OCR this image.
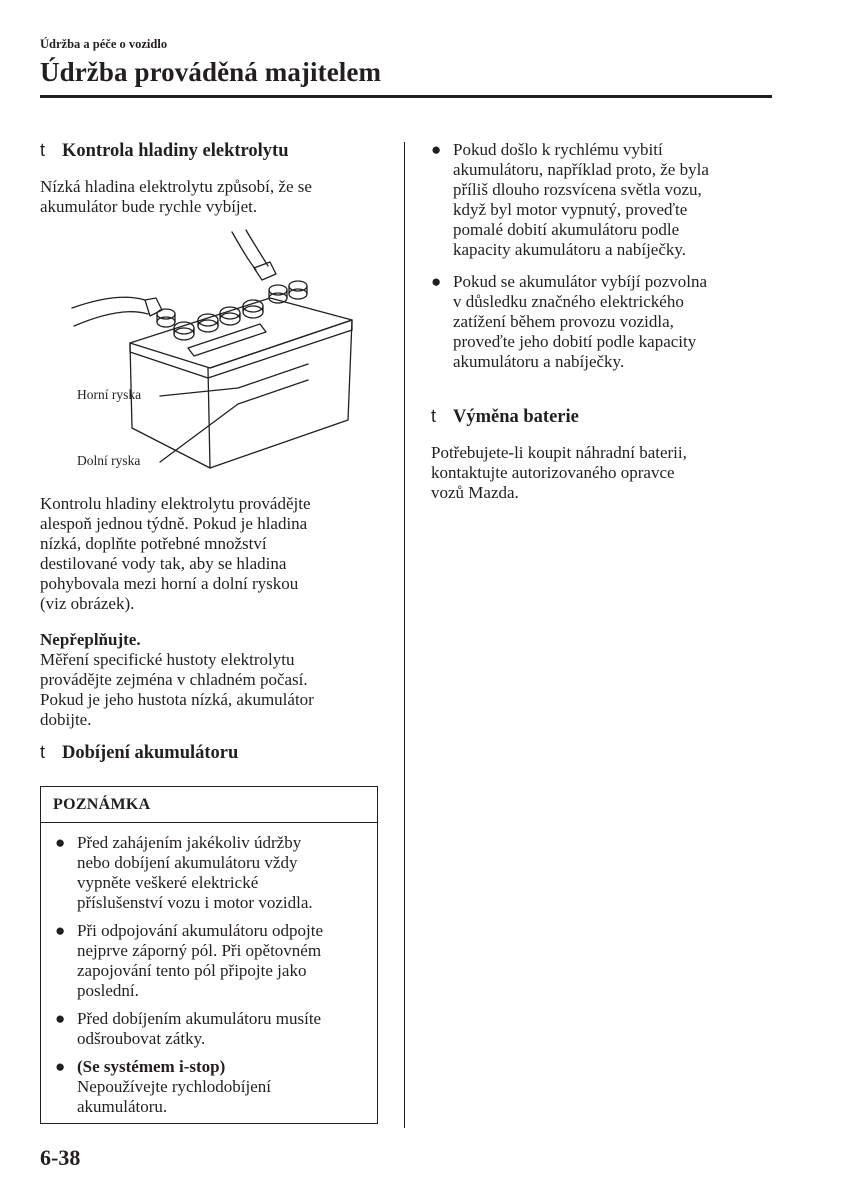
Údržba a péče o vozidlo
Údržba prováděná majitelem
t Kontrola hladiny elektrolytu
Nízká hladina elektrolytu způsobí, že se
akumulátor bude rychle vybíjet.
Horní ryska
Dolní ryska
Kontrolu hladiny elektrolytu provádějte
alespoň jednou týdně. Pokud je hladina
nízká, doplňte potřebné množství
destilované vody tak, aby se hladina
pohybovala mezi horní a dolní ryskou
(viz obrázek).
Nepřeplňujte.
Měření specifické hustoty elektrolytu
provádějte zejména v chladném počasí.
Pokud je jeho hustota nízká, akumulátor
dobijte.
t Dobíjení akumulátoru
POZNÁMKA
● Před zahájením jakékoliv údržby
nebo dobíjení akumulátoru vždy
vypněte veškeré elektrické
příslušenství vozu i motor vozidla.
● Při odpojování akumulátoru odpojte
nejprve záporný pól. Při opětovném
zapojování tento pól připojte jako
poslední.
● Před dobíjením akumulátoru musíte
odšroubovat zátky.
● (Se systémem i-stop)
Nepoužívejte rychlodobíjení
akumulátoru.
● Pokud došlo k rychlému vybití
akumulátoru, například proto, že byla
příliš dlouho rozsvícena světla vozu,
když byl motor vypnutý, proveďte
pomalé dobití akumulátoru podle
kapacity akumulátoru a nabíječky.
● Pokud se akumulátor vybíjí pozvolna
v důsledku značného elektrického
zatížení během provozu vozidla,
proveďte jeho dobití podle kapacity
akumulátoru a nabíječky.
t Výměna baterie
Potřebujete-li koupit náhradní baterii,
kontaktujte autorizovaného opravce
vozů Mazda.
6-38
